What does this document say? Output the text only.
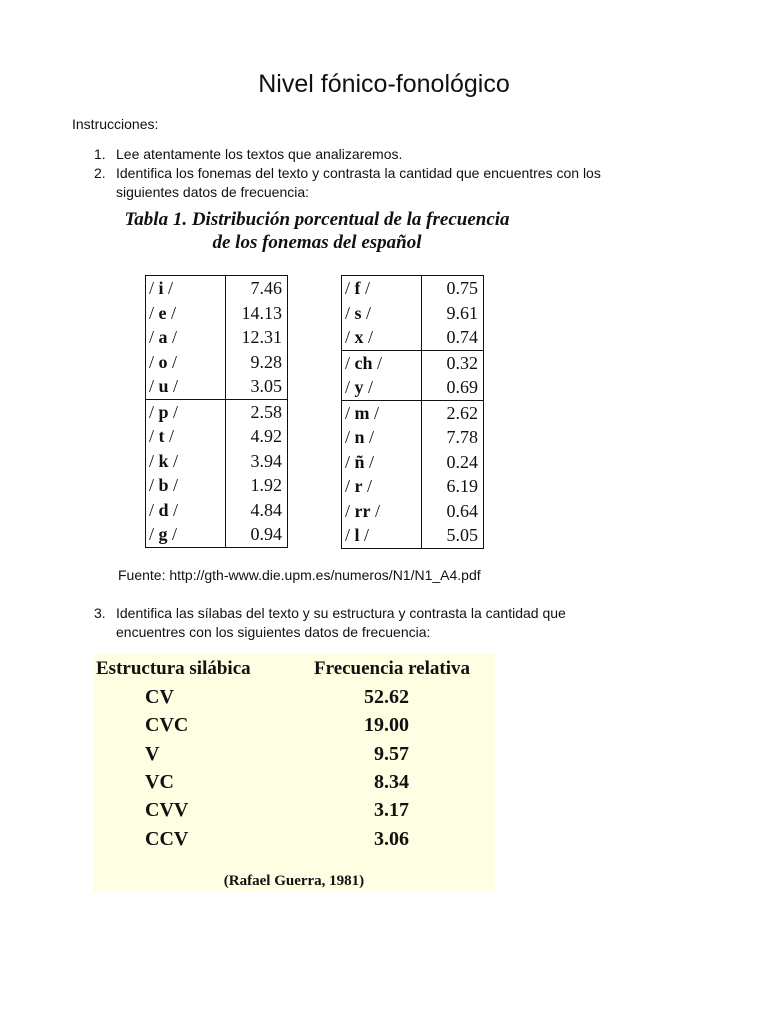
Nivel fónico-fonológico
Instrucciones:
1. Lee atentamente los textos que analizaremos.
2. Identifica los fonemas del texto y contrasta la cantidad que encuentres con los siguientes datos de frecuencia:
Tabla 1. Distribución porcentual de la frecuencia
de los fonemas del español
/ i /	7.46
/ e /	14.13
/ a /	12.31
/ o /	9.28
/ u /	3.05
/ p /	2.58
/ t /	4.92
/ k /	3.94
/ b /	1.92
/ d /	4.84
/ g /	0.94
/ f /	0.75
/ s /	9.61
/ x /	0.74
/ ch /	0.32
/ y /	0.69
/ m /	2.62
/ n /	7.78
/ ñ /	0.24
/ r /	6.19
/ rr /	0.64
/ l /	5.05
Fuente: http://gth-www.die.upm.es/numeros/N1/N1_A4.pdf
3. Identifica las sílabas del texto y su estructura y contrasta la cantidad que encuentres con los siguientes datos de frecuencia:
Estructura silábica	Frecuencia relativa
CV	52.62
CVC	19.00
V	9.57
VC	8.34
CVV	3.17
CCV	3.06
(Rafael Guerra, 1981)
